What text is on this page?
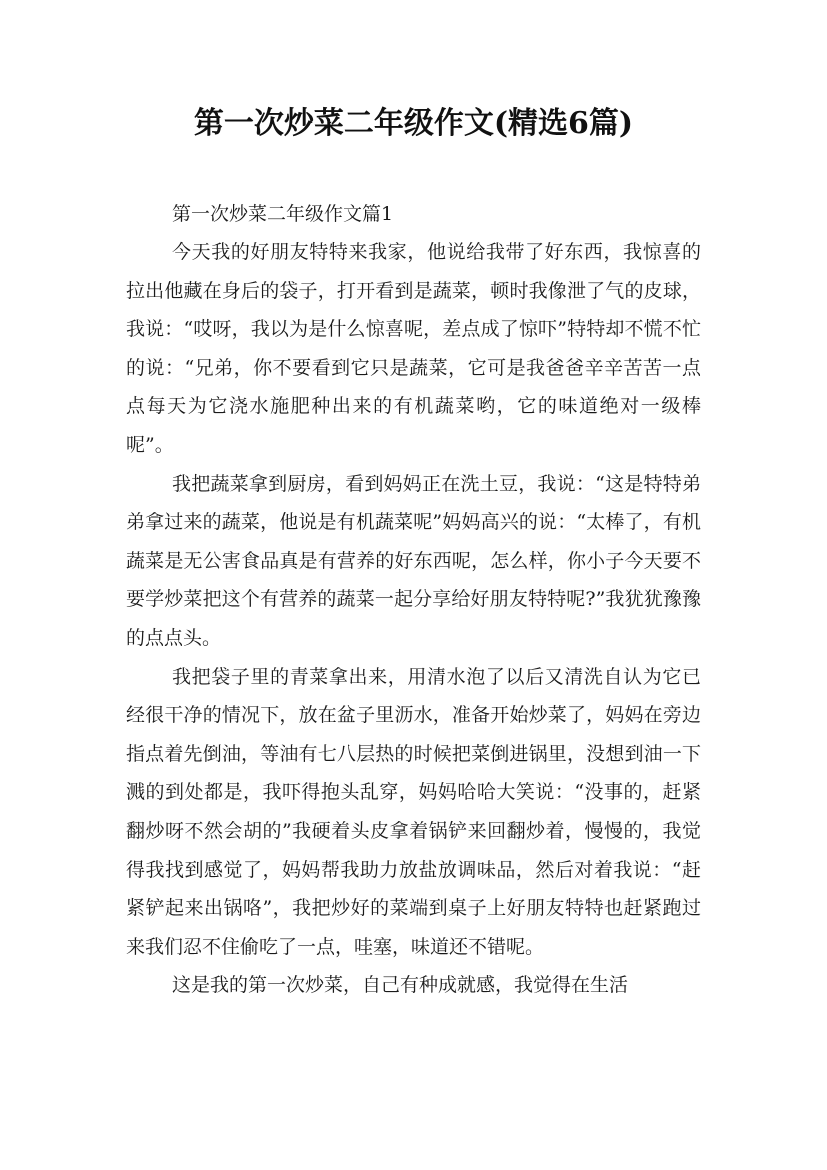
第一次炒菜二年级作文(精选6篇)

第一次炒菜二年级作文篇1

今天我的好朋友特特来我家，他说给我带了好东西，我惊喜的拉出他藏在身后的袋子，打开看到是蔬菜，顿时我像泄了气的皮球，我说：“哎呀，我以为是什么惊喜呢，差点成了惊吓”特特却不慌不忙的说：“兄弟，你不要看到它只是蔬菜，它可是我爸爸辛辛苦苦一点点每天为它浇水施肥种出来的有机蔬菜哟，它的味道绝对一级棒呢”。

我把蔬菜拿到厨房，看到妈妈正在洗土豆，我说：“这是特特弟弟拿过来的蔬菜，他说是有机蔬菜呢”妈妈高兴的说：“太棒了，有机蔬菜是无公害食品真是有营养的好东西呢，怎么样，你小子今天要不要学炒菜把这个有营养的蔬菜一起分享给好朋友特特呢?”我犹犹豫豫的点点头。

我把袋子里的青菜拿出来，用清水泡了以后又清洗自认为它已经很干净的情况下，放在盆子里沥水，准备开始炒菜了，妈妈在旁边指点着先倒油，等油有七八层热的时候把菜倒进锅里，没想到油一下溅的到处都是，我吓得抱头乱穿，妈妈哈哈大笑说：“没事的，赶紧翻炒呀不然会胡的”我硬着头皮拿着锅铲来回翻炒着，慢慢的，我觉得我找到感觉了，妈妈帮我助力放盐放调味品，然后对着我说：“赶紧铲起来出锅咯”，我把炒好的菜端到桌子上好朋友特特也赶紧跑过来我们忍不住偷吃了一点，哇塞，味道还不错呢。

这是我的第一次炒菜，自己有种成就感，我觉得在生活
